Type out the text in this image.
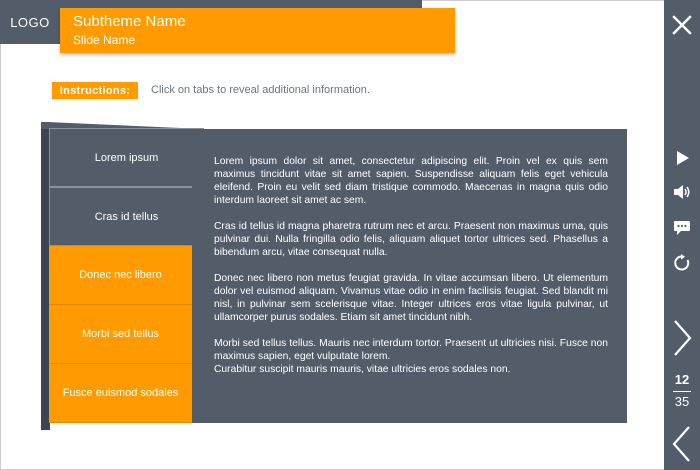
LOGO	Subtheme Name
Slide Name
Instructions:	Click on tabs to reveal additional information.
Lorem ipsum
Cras id tellus
Donec nec libero
Morbi sed tellus
Fusce euismod sodales

Lorem ipsum dolor sit amet, consectetur adipiscing elit. Proin vel ex quis sem maximus tincidunt vitae sit amet sapien. Suspendisse aliquam felis eget vehicula eleifend. Proin eu velit sed diam tristique commodo. Maecenas in magna quis odio interdum laoreet sit amet ac sem.

Cras id tellus id magna pharetra rutrum nec et arcu. Praesent non maximus urna, quis pulvinar dui. Nulla fringilla odio felis, aliquam aliquet tortor ultrices sed. Phasellus a bibendum arcu, vitae consequat nulla.

Donec nec libero non metus feugiat gravida. In vitae accumsan libero. Ut elementum dolor vel euismod aliquam. Vivamus vitae odio in enim facilisis feugiat. Sed blandit mi nisl, in pulvinar sem scelerisque vitae. Integer ultrices eros vitae ligula pulvinar, ut ullamcorper purus sodales. Etiam sit amet tincidunt nibh.

Morbi sed tellus tellus. Mauris nec interdum tortor. Praesent ut ultricies nisi. Fusce non maximus sapien, eget vulputate lorem.

Curabitur suscipit mauris mauris, vitae ultricies eros sodales non.

12
35
